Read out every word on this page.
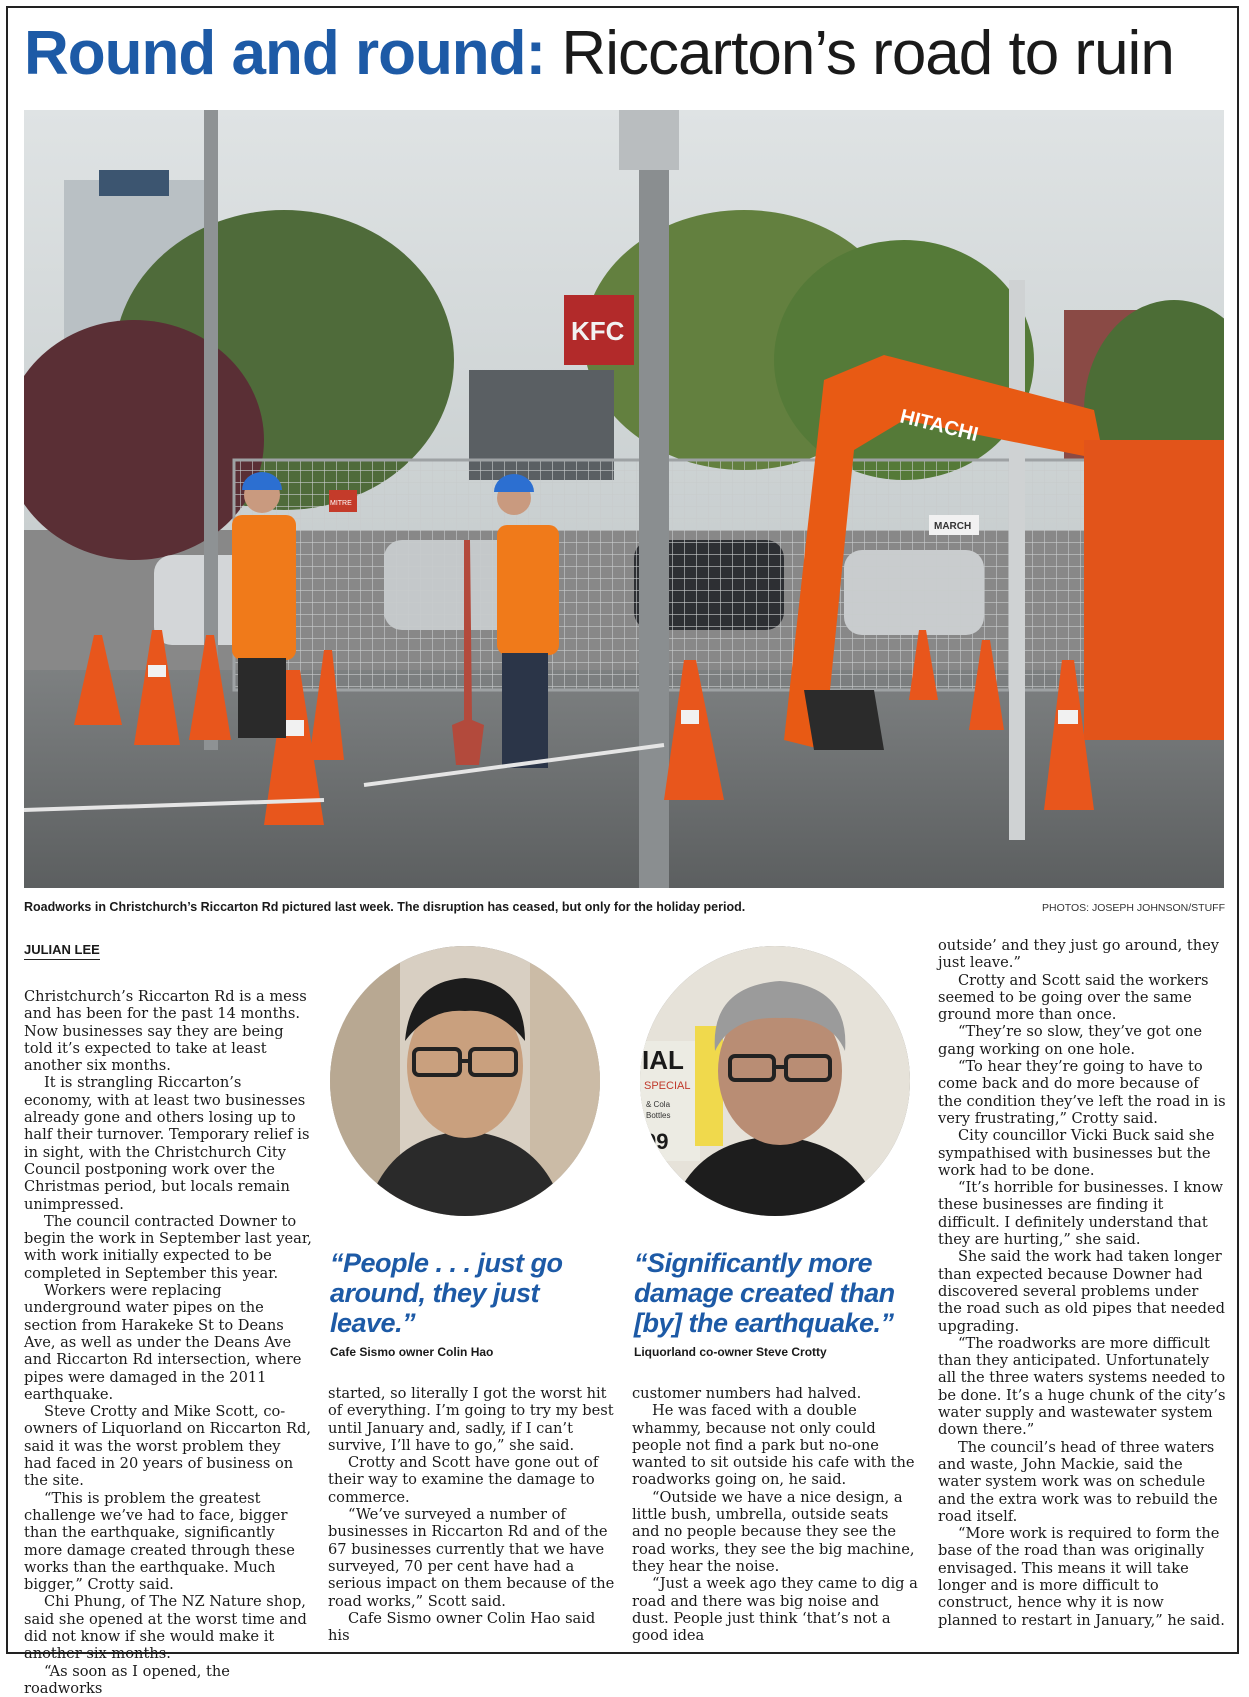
Round and round: Riccarton’s road to ruin
KFC
MITRE
MARCH
HITACHI
Roadworks in Christchurch’s Riccarton Rd pictured last week. The disruption has ceased, but only for the holiday period.	PHOTOS: JOSEPH JOHNSON/STUFF
JULIAN LEE

Christchurch’s Riccarton Rd is a mess and has been for the past 14 months. Now businesses say they are being told it’s expected to take at least another six months.

It is strangling Riccarton’s economy, with at least two businesses already gone and others losing up to half their turnover. Temporary relief is in sight, with the Christchurch City Council postponing work over the Christmas period, but locals remain unimpressed.

The council contracted Downer to begin the work in September last year, with work initially expected to be completed in September this year.

Workers were replacing underground water pipes on the section from Harakeke St to Deans Ave, as well as under the Deans Ave and Riccarton Rd intersection, where pipes were damaged in the 2011 earthquake.

Steve Crotty and Mike Scott, co-owners of Liquorland on Riccarton Rd, said it was the worst problem they had faced in 20 years of business on the site.

“This is problem the greatest challenge we’ve had to face, bigger than the earthquake, significantly more damage created through these works than the earthquake. Much bigger,” Crotty said.

Chi Phung, of The NZ Nature shop, said she opened at the worst time and did not know if she would make it another six months.

“As soon as I opened, the roadworks

IAL
SPECIAL
& Cola
Bottles
99
“People . . . just go around, they just leave.”
Cafe Sismo owner Colin Hao
“Significantly more damage created than [by] the earthquake.”
Liquorland co-owner Steve Crotty

started, so literally I got the worst hit of everything. I’m going to try my best until January and, sadly, if I can’t survive, I’ll have to go,” she said.

Crotty and Scott have gone out of their way to examine the damage to commerce.

“We’ve surveyed a number of businesses in Riccarton Rd and of the 67 businesses currently that we have surveyed, 70 per cent have had a serious impact on them because of the road works,” Scott said.

Cafe Sismo owner Colin Hao said his

customer numbers had halved.

He was faced with a double whammy, because not only could people not find a park but no-one wanted to sit outside his cafe with the roadworks going on, he said.

“Outside we have a nice design, a little bush, umbrella, outside seats and no people because they see the road works, they see the big machine, they hear the noise.

“Just a week ago they came to dig a road and there was big noise and dust. People just think ‘that’s not a good idea

outside’ and they just go around, they just leave.”

Crotty and Scott said the workers seemed to be going over the same ground more than once.

“They’re so slow, they’ve got one gang working on one hole.

“To hear they’re going to have to come back and do more because of the condition they’ve left the road in is very frustrating,” Crotty said.

City councillor Vicki Buck said she sympathised with businesses but the work had to be done.

“It’s horrible for businesses. I know these businesses are finding it difficult. I definitely understand that they are hurting,” she said.

She said the work had taken longer than expected because Downer had discovered several problems under the road such as old pipes that needed upgrading.

“The roadworks are more difficult than they anticipated. Unfortunately all the three waters systems needed to be done. It’s a huge chunk of the city’s water supply and wastewater system down there.”

The council’s head of three waters and waste, John Mackie, said the water system work was on schedule and the extra work was to rebuild the road itself.

“More work is required to form the base of the road than was originally envisaged. This means it will take longer and is more difficult to construct, hence why it is now planned to restart in January,” he said.
